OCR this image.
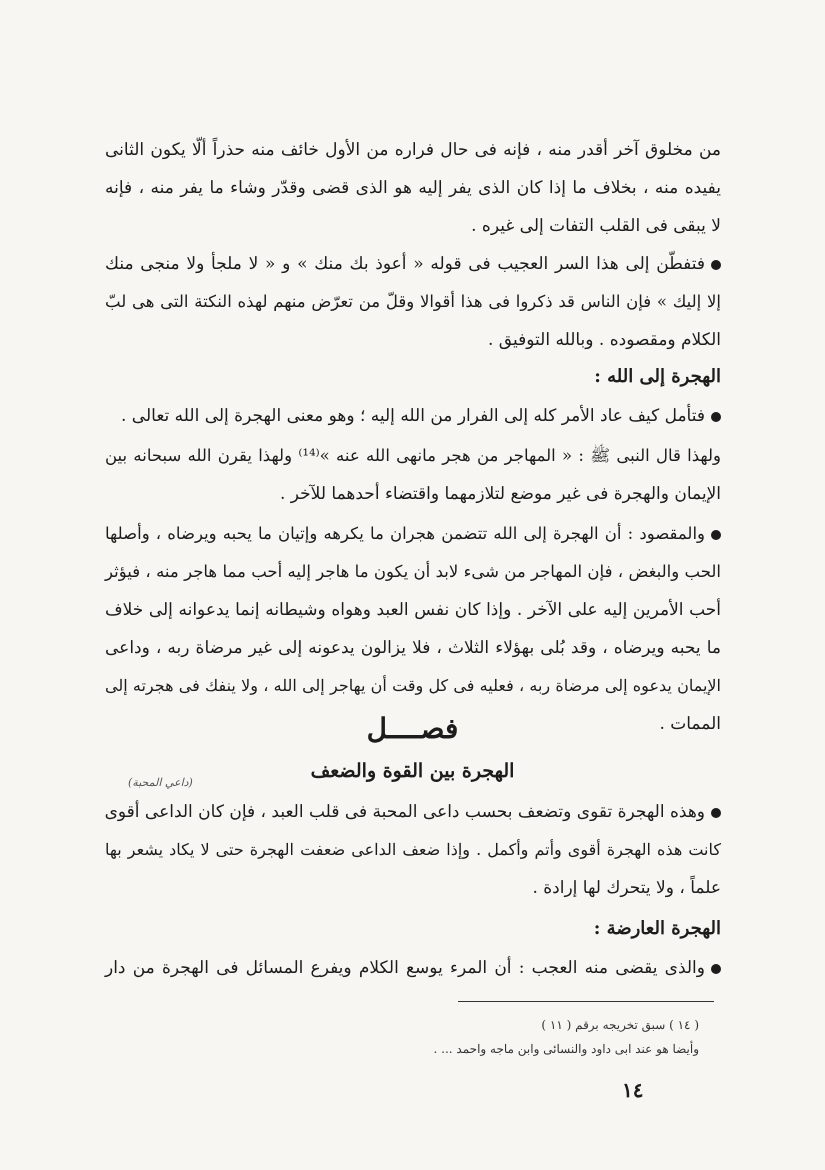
من مخلوق آخر أقدر منه ، فإنه فى حال فراره من الأول خائف منه حذراً ألّا يكون الثانى
يفيده منه ، بخلاف ما إذا كان الذى يفر إليه هو الذى قضى وقدّر وشاء ما يفر منه ، فإنه
لا يبقى فى القلب التفات إلى غيره .
فتفطّن إلى هذا السر العجيب فى قوله « أعوذ بك منك » و « لا ملجأ ولا منجى منك
إلا إليك » فإن الناس قد ذكروا فى هذا أقوالا وقلّ من تعرّض منهم لهذه النكتة التى هى لبّ
الكلام ومقصوده . وبالله التوفيق .
الهجرة إلى الله :
فتأمل كيف عاد الأمر كله إلى الفرار من الله إليه ؛ وهو معنى الهجرة إلى الله تعالى .
ولهذا قال النبى ﷺ : « المهاجر من هجر مانهى الله عنه »⁽¹⁴⁾ ولهذا يقرن الله سبحانه بين
الإيمان والهجرة فى غير موضع لتلازمهما واقتضاء أحدهما للآخر .
والمقصود : أن الهجرة إلى الله تتضمن هجران ما يكرهه وإتيان ما يحبه ويرضاه ، وأصلها
الحب والبغض ، فإن المهاجر من شىء لابد أن يكون ما هاجر إليه أحب مما هاجر منه ، فيؤثر
أحب الأمرين إليه على الآخر . وإذا كان نفس العبد وهواه وشيطانه إنما يدعوانه إلى خلاف
ما يحبه ويرضاه ، وقد بُلى بهؤلاء الثلاث ، فلا يزالون يدعونه إلى غير مرضاة ربه ، وداعى
الإيمان يدعوه إلى مرضاة ربه ، فعليه فى كل وقت أن يهاجر إلى الله ، ولا ينفك فى هجرته إلى
الممات .
فصــــل
الهجرة بين القوة والضعف
(داعي المحبة)
وهذه الهجرة تقوى وتضعف بحسب داعى المحبة فى قلب العبد ، فإن كان الداعى أقوى
كانت هذه الهجرة أقوى وأتم وأكمل . وإذا ضعف الداعى ضعفت الهجرة حتى لا يكاد يشعر بها
علماً ، ولا يتحرك لها إرادة .
الهجرة العارضة :
والذى يقضى منه العجب : أن المرء يوسع الكلام ويفرع المسائل فى الهجرة من دار
( ١٤ ) سبق تخريجه برقم ( ١١ )
وأيضا هو عند ابى داود والنسائى وابن ماجه واحمد ... .
١٤
